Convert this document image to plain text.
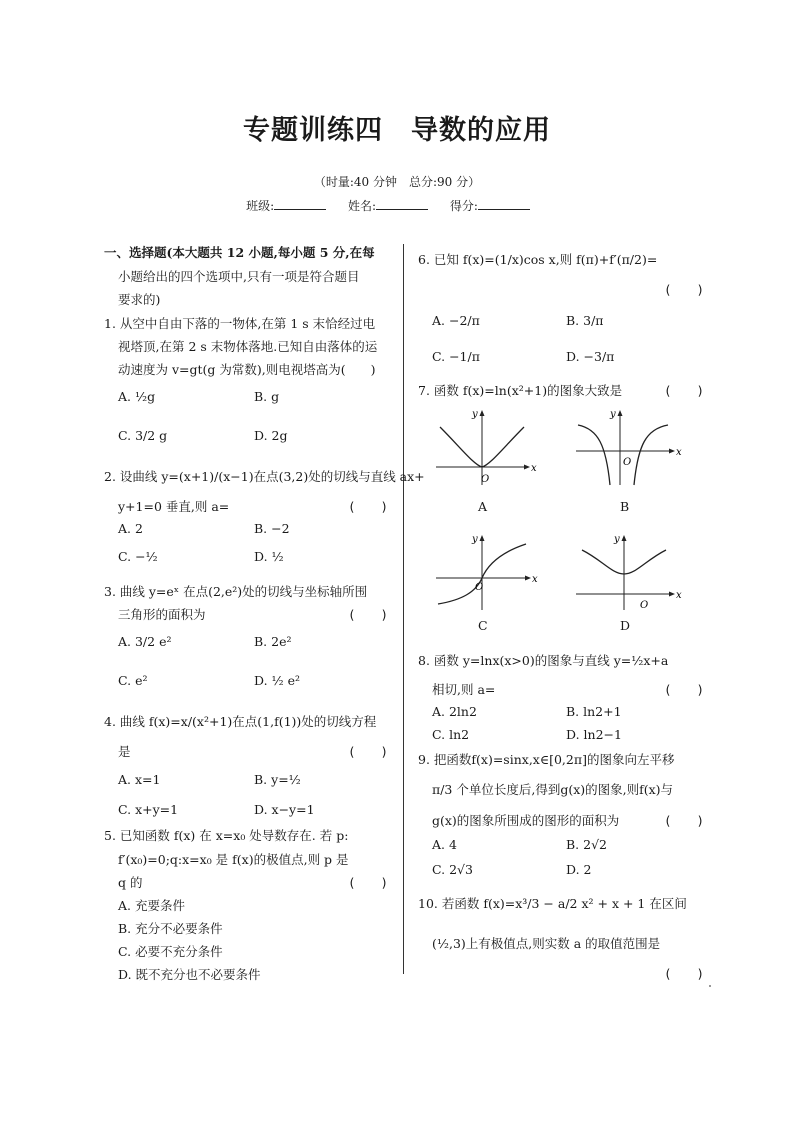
专题训练四　导数的应用
（时量:40 分钟　总分:90 分）
班级:	姓名:	得分:
一、选择题(本大题共 12 小题,每小题 5 分,在每
小题给出的四个选项中,只有一项是符合题目
要求的)
1. 从空中自由下落的一物体,在第 1 s 末恰经过电
视塔顶,在第 2 s 末物体落地.已知自由落体的运
动速度为 v=gt(g 为常数),则电视塔高为(　　)
A. ½g	B. g
C. 3/2 g	D. 2g
2. 设曲线 y=(x+1)/(x−1)在点(3,2)处的切线与直线 ax+
y+1=0 垂直,则 a=	(　　)
A. 2	B. −2
C. −½	D. ½
3. 曲线 y=eˣ 在点(2,e²)处的切线与坐标轴所围
三角形的面积为	(　　)
A. 3/2 e²	B. 2e²
C. e²	D. ½ e²
4. 曲线 f(x)=x/(x²+1)在点(1,f(1))处的切线方程
是	(　　)
A. x=1	B. y=½
C. x+y=1	D. x−y=1
5. 已知函数 f(x) 在 x=x₀ 处导数存在. 若 p:
f′(x₀)=0;q:x=x₀ 是 f(x)的极值点,则 p 是
q 的	(　　)
A. 充要条件
B. 充分不必要条件
C. 必要不充分条件
D. 既不充分也不必要条件
6. 已知 f(x)=(1/x)cos x,则 f(π)+f′(π/2)=
(　　)
A. −2/π	B. 3/π
C. −1/π	D. −3/π
7. 函数 f(x)=ln(x²+1)的图象大致是	(　　)
x
y
O
A
x
y
O
B
x
y
O
C
x
y
O
D
8. 函数 y=lnx(x>0)的图象与直线 y=½x+a
相切,则 a=	(　　)
A. 2ln2	B. ln2+1
C. ln2	D. ln2−1
9. 把函数f(x)=sinx,x∈[0,2π]的图象向左平移
π/3 个单位长度后,得到g(x)的图象,则f(x)与
g(x)的图象所围成的图形的面积为	(　　)
A. 4	B. 2√2
C. 2√3	D. 2
10. 若函数 f(x)=x³/3 − a/2 x² + x + 1 在区间
(½,3)上有极值点,则实数 a 的取值范围是
(　　)
